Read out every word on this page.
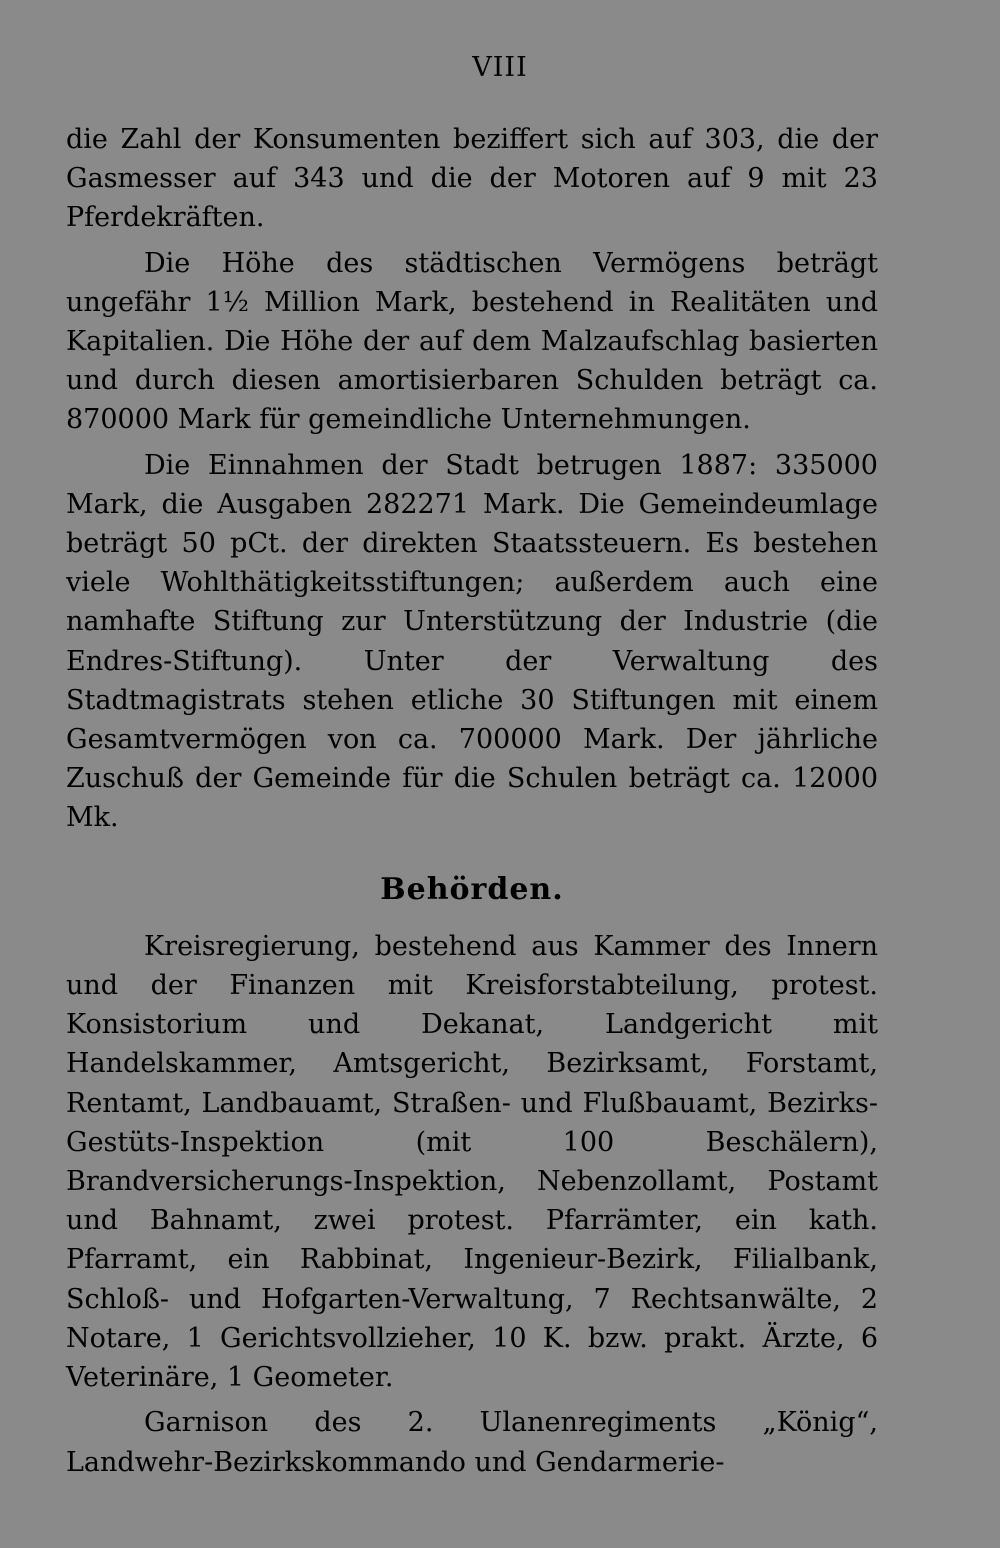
VIII

die Zahl der Konsumenten beziffert sich auf 303, die der Gasmesser auf 343 und die der Motoren auf 9 mit 23 Pferdekräften.

Die Höhe des städtischen Vermögens beträgt ungefähr 1½ Million Mark, bestehend in Realitäten und Kapitalien. Die Höhe der auf dem Malzaufschlag basierten und durch diesen amortisierbaren Schulden beträgt ca. 870000 Mark für gemeindliche Unternehmungen.

Die Einnahmen der Stadt betrugen 1887: 335000 Mark, die Ausgaben 282271 Mark. Die Gemeindeumlage beträgt 50 pCt. der direkten Staatssteuern. Es bestehen viele Wohlthätigkeitsstiftungen; außerdem auch eine namhafte Stiftung zur Unterstützung der Industrie (die Endres-Stiftung). Unter der Verwaltung des Stadtmagistrats stehen etliche 30 Stiftungen mit einem Gesamtvermögen von ca. 700000 Mark. Der jährliche Zuschuß der Gemeinde für die Schulen beträgt ca. 12000 Mk.

Behörden.

Kreisregierung, bestehend aus Kammer des Innern und der Finanzen mit Kreisforstabteilung, protest. Konsistorium und Dekanat, Landgericht mit Handelskammer, Amtsgericht, Bezirksamt, Forstamt, Rentamt, Landbauamt, Straßen- und Flußbauamt, Bezirks-Gestüts-Inspektion (mit 100 Beschälern), Brandversicherungs-Inspektion, Nebenzollamt, Postamt und Bahnamt, zwei protest. Pfarrämter, ein kath. Pfarramt, ein Rabbinat, Ingenieur-Bezirk, Filialbank, Schloß- und Hofgarten-Verwaltung, 7 Rechtsanwälte, 2 Notare, 1 Gerichtsvollzieher, 10 K. bzw. prakt. Ärzte, 6 Veterinäre, 1 Geometer.

Garnison des 2. Ulanenregiments „König“, Landwehr-Bezirkskommando und Gendarmerie-
